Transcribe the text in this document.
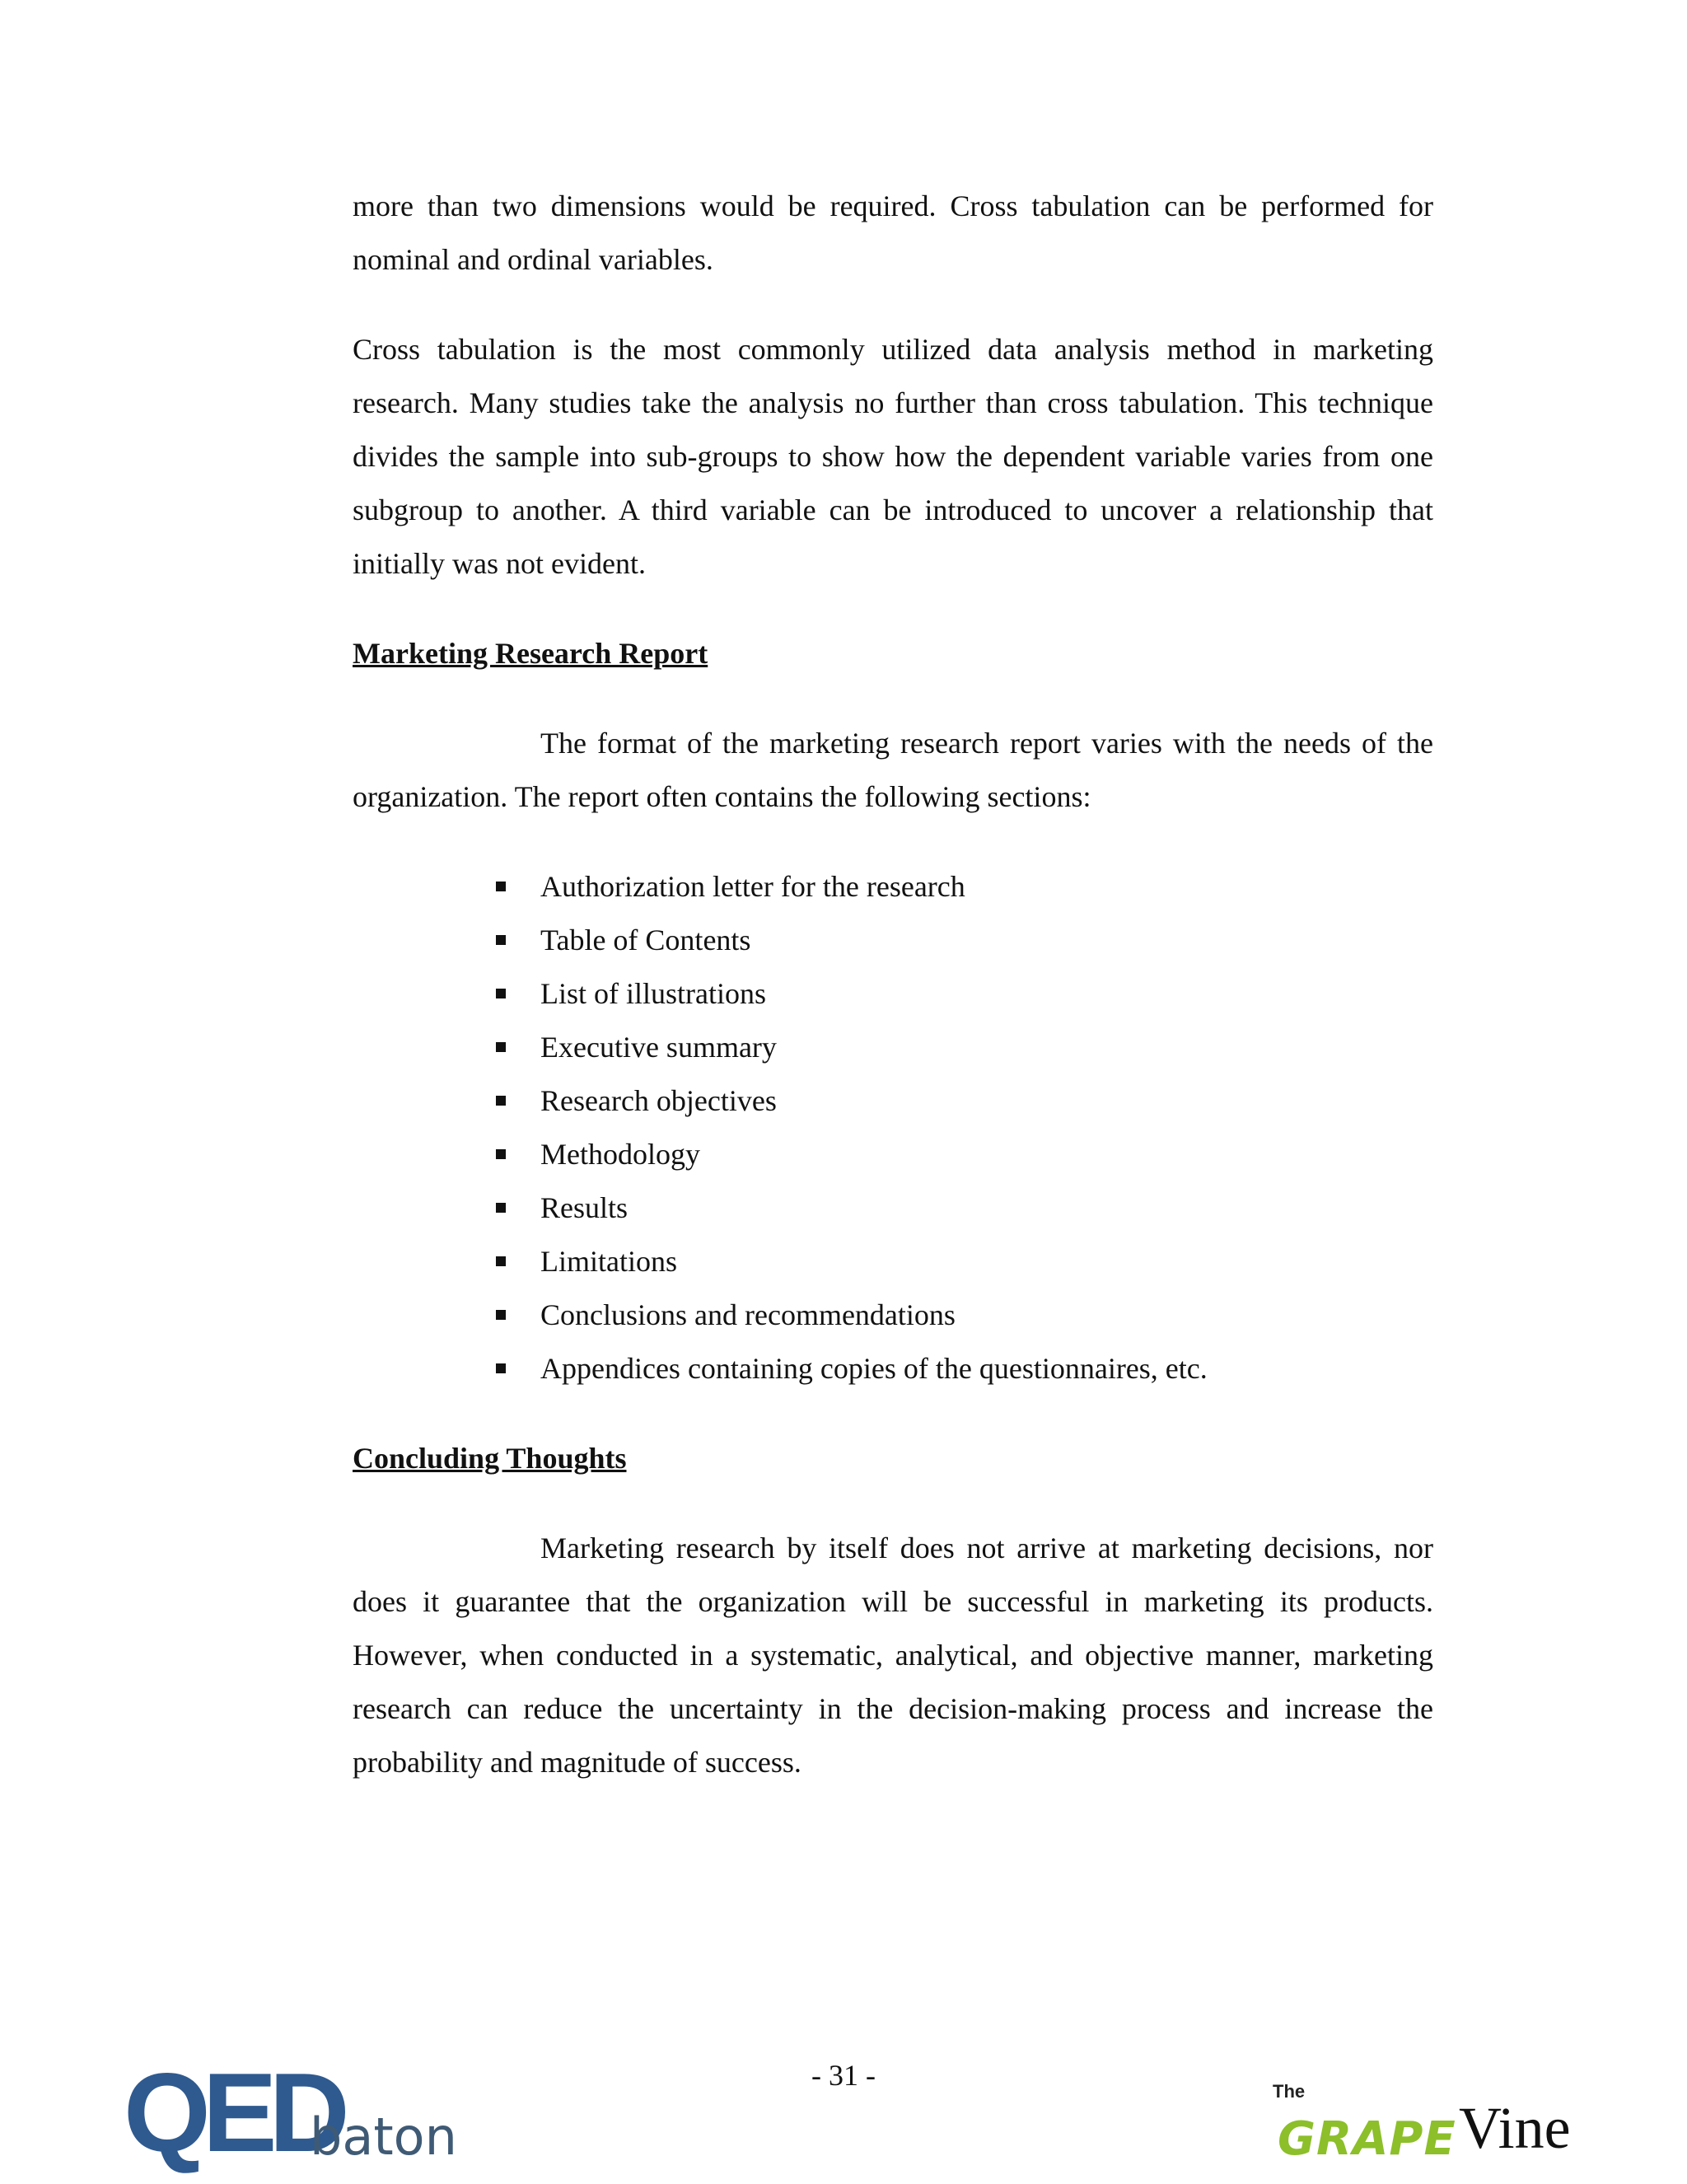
more than two dimensions would be required. Cross tabulation can be performed for nominal and ordinal variables.

Cross tabulation is the most commonly utilized data analysis method in marketing research. Many studies take the analysis no further than cross tabulation. This technique divides the sample into sub-groups to show how the dependent variable varies from one subgroup to another. A third variable can be introduced to uncover a relationship that initially was not evident.

Marketing Research Report

The format of the marketing research report varies with the needs of the organization. The report often contains the following sections:

Authorization letter for the research
Table of Contents
List of illustrations
Executive summary
Research objectives
Methodology
Results
Limitations
Conclusions and recommendations
Appendices containing copies of the questionnaires, etc.
Concluding Thoughts

Marketing research by itself does not arrive at marketing decisions, nor does it guarantee that the organization will be successful in marketing its products. However, when conducted in a systematic, analytical, and objective manner, marketing research can reduce the uncertainty in the decision-making process and increase the probability and magnitude of success.

- 31 -
QED
baton
The
GRAPE Vine
